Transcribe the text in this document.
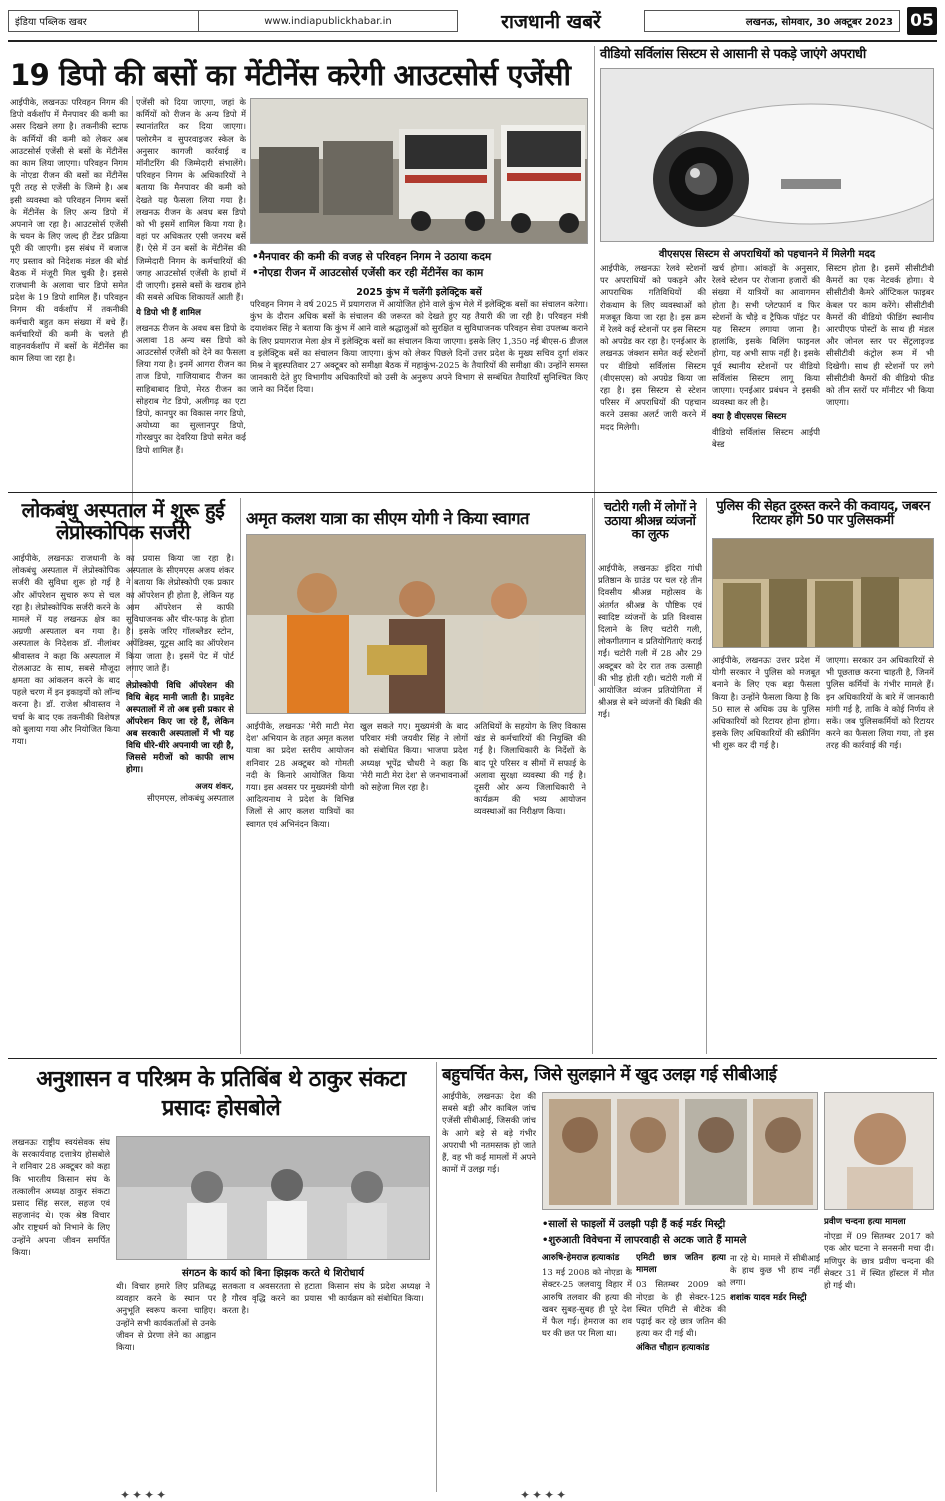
इंडिया पब्लिक खबर	www.indiapublickhabar.in	राजधानी खबरें	लखनऊ, सोमवार, 30 अक्टूबर 2023 05
19 डिपो की बसों का मेंटीनेंस करेगी आउटसोर्स एजेंसी

आईपीके, लखनऊः परिवहन निगम की डिपो वर्कशॉप में मैनपावर की कमी का असर दिखने लगा है। तकनीकी स्टाफ के कर्मियों की कमी को लेकर अब आउटसोर्स एजेंसी से बसों के मेंटीनेंस का काम लिया जाएगा। परिवहन निगम के नोएडा रीजन की बसों का मेंटीनेंस पूरी तरह से एजेंसी के जिम्मे है। अब इसी व्यवस्था को परिवहन निगम बसों के मेंटीनेंस के लिए अन्य डिपो में अपनाने जा रहा है। आउटसोर्स एजेंसी के चयन के लिए जल्द ही टेंडर प्रक्रिया पूरी की जाएगी। इस संबंध में बजाज गए प्रस्ताव को निदेशक मंडल की बोर्ड बैठक में मंजूरी मिल चुकी है। इससे राजधानी के अलावा चार डिपो समेत प्रदेश के 19 डिपो शामिल हैं। परिवहन निगम की वर्कशॉप में तकनीकी कर्मचारी बहुत कम संख्या में बचे हैं। कर्मचारियों की कमी के चलते ही वाहनवर्कशॉप में बसों के मेंटीनेंस का काम लिया जा रहा है।

एजेंसी को दिया जाएगा, जहां के कर्मियों को रीजन के अन्य डिपो में स्थानांतरित कर दिया जाएगा। फ्लोरमैन व सुपरवाइजर स्केल के अनुसार कागजी कार्रवाई व मॉनीटरिंग की जिम्मेदारी संभालेंगे। परिवहन निगम के अधिकारियों ने बताया कि मैनपावर की कमी को देखते यह फैसला लिया गया है। लखनऊ रीजन के अवध बस डिपो को भी इसमें शामिल किया गया है। वहां पर अधिकतर एसी जनरथ बसें हैं। ऐसे में उन बसों के मेंटीनेंस की जिम्मेदारी निगम के कर्मचारियों की जगह आउटसोर्स एजेंसी के हाथों में दी जाएगी। इससे बसों के खराब होने की सबसे अधिक शिकायतें आती हैं।

ये डिपो भी हैं शामिल

लखनऊ रीजन के अवध बस डिपो के अलावा 18 अन्य बस डिपो को आउटसोर्स एजेंसी को देने का फैसला लिया गया है। इनमें आगरा रीजन का ताज डिपो, गाजियाबाद रीजन का साहिबाबाद डिपो, मेरठ रीजन का सोहराब गेट डिपो, अलीगढ़ का एटा डिपो, कानपुर का विकास नगर डिपो, अयोध्या का सुल्तानपुर डिपो, गोरखपुर का देवरिया डिपो समेत कई डिपो शामिल हैं।

• मैनपावर की कमी की वजह से परिवहन निगम ने उठाया कदम
• नोएडा रीजन में आउटसोर्स एजेंसी कर रही मेंटीनेंस का काम
2025 कुंभ में चलेंगी इलेक्ट्रिक बसें

परिवहन निगम ने वर्ष 2025 में प्रयागराज में आयोजित होने वाले कुंभ मेले में इलेक्ट्रिक बसों का संचालन करेगा। कुंभ के दौरान अधिक बसों के संचालन की जरूरत को देखते हुए यह तैयारी की जा रही है। परिवहन मंत्री दयाशंकर सिंह ने बताया कि कुंभ में आने वाले श्रद्धालुओं को सुरक्षित व सुविधाजनक परिवहन सेवा उपलब्ध कराने के लिए प्रयागराज मेला क्षेत्र में इलेक्ट्रिक बसों का संचालन किया जाएगा। इसके लिए 1,350 नई बीएस-6 डीजल व इलेक्ट्रिक बसें का संचालन किया जाएगा। कुंभ को लेकर पिछले दिनों उत्तर प्रदेश के मुख्य सचिव दुर्गा शंकर मिश्र ने बृहस्पतिवार 27 अक्टूबर को समीक्षा बैठक में महाकुंभ-2025 के तैयारियों की समीक्षा की। उन्होंने समस्त जानकारी देते हुए विभागीय अधिकारियों को उसी के अनुरूप अपने विभाग से सम्बंधित तैयारियाँ सुनिश्चित किए जाने का निर्देश दिया।

वीडियो सर्विलांस सिस्टम से आसानी से पकड़े जाएंगे अपराधी
वीएसएस सिस्टम से अपराधियों को पहचानने में मिलेगी मदद

आईपीके, लखनऊः रेलवे स्टेशनों पर अपराधियों को पकड़ने और आपराधिक गतिविधियों की रोकथाम के लिए व्यवस्थाओं को मजबूत किया जा रहा है। इस क्रम में रेलवे कई स्टेशनों पर इस सिस्टम को अपग्रेड कर रहा है। एनईआर के लखनऊ जंक्शन समेत कई स्टेशनों पर वीडियो सर्विलांस सिस्टम (वीएसएस) को अपग्रेड किया जा रहा है। इस सिस्टम से स्टेशन परिसर में अपराधियों की पहचान करने उसका अलर्ट जारी करने में मदद मिलेगी।

खर्च होगा। आंकड़ों के अनुसार, रेलवे स्टेशन पर रोजाना हजारों की संख्या में यात्रियों का आवागमन होता है। सभी प्लेटफार्म व फिर स्टेशनों के चौड़े व ट्रैफिक पॉइंट पर यह सिस्टम लगाया जाना है। हालांकि, इसके बिलिंग फाइनल होगा, यह अभी साफ नहीं है। इसके पूर्व स्थानीय स्टेशनों पर वीडियो सर्विलांस सिस्टम लागू किया जाएगा। एनईआर प्रबंधन ने इसकी व्यवस्था कर ली है।

क्या है वीएसएस सिस्टम

वीडियो सर्विलांस सिस्टम आईपी बेस्ड

सिस्टम होता है। इसमें सीसीटीवी कैमरों का एक नेटवर्क होगा। ये सीसीटीवी कैमरे ऑप्टिकल फाइबर केबल पर काम करेंगे। सीसीटीवी कैमरों की वीडियो फीडिंग स्थानीय आरपीएफ पोस्टों के साथ ही मंडल और जोनल स्तर पर सेंट्रलाइज्ड सीसीटीवी कंट्रोल रूम में भी दिखेगी। साथ ही स्टेशनों पर लगे सीसीटीवी कैमरों की वीडियो फीड को तीन स्तरों पर मॉनीटर भी किया जाएगा।

लोकबंधु अस्पताल में शुरू हुई लेप्रोस्कोपिक सर्जरी

आईपीके, लखनऊः राजधानी के लोकबंधु अस्पताल में लेप्रोस्कोपिक सर्जरी की सुविधा शुरू हो गई है और ऑपरेशन सुचारु रूप से चल रहा है। लेप्रोस्कोपिक सर्जरी करने के मामले में यह लखनऊ क्षेत्र का अग्रणी अस्पताल बन गया है। अस्पताल के निदेशक डॉ. नीलांबर श्रीवास्तव ने कहा कि अस्पताल में रोलआउट के साथ, सबसे मौजूदा क्षमता का आंकलन करने के बाद पहले चरण में इन इकाइयों को लॉन्च करना है। डॉ. राजेश श्रीवास्तव ने चर्चा के बाद एक तकनीकी विशेषज्ञ को बुलाया गया और नियोजित किया गया।

का प्रयास किया जा रहा है। अस्पताल के सीएमएस अजय शंकर ने बताया कि लेप्रोस्कोपी एक प्रकार का ऑपरेशन ही होता है, लेकिन यह आम ऑपरेशन से काफी सुविधाजनक और चीर-फाड़ के होता है। इसके जरिए गॉलब्लैडर स्टोन, अपेंडिक्स, यूट्रस आदि का ऑपरेशन किया जाता है। इसमें पेट में पोर्ट लगाए जाते हैं।

लेप्रोस्कोपी विधि ऑपरेशन की विधि बेहद मानी जाती है। प्राइवेट अस्पतालों में तो अब इसी प्रकार से ऑपरेशन किए जा रहे हैं, लेकिन अब सरकारी अस्पतालों में भी यह विधि धीरे-धीरे अपनायी जा रही है, जिससे मरीजों को काफी लाभ होगा।

अजय शंकर,

सीएमएस, लोकबंधु अस्पताल

अमृत कलश यात्रा का सीएम योगी ने किया स्वागत

आईपीके, लखनऊः 'मेरी माटी मेरा देश' अभियान के तहत अमृत कलश यात्रा का प्रदेश स्तरीय आयोजन शनिवार 28 अक्टूबर को गोमती नदी के किनारे आयोजित किया गया। इस अवसर पर मुख्यमंत्री योगी आदित्यनाथ ने प्रदेश के विभिन्न जिलों से आए कलश यात्रियों का स्वागत एवं अभिनंदन किया।

खुल सकते गए। मुख्यमंत्री के बाद परिवार मंत्री जयवीर सिंह ने लोगों को संबोधित किया। भाजपा प्रदेश अध्यक्ष भूपेंद्र चौधरी ने कहा कि 'मेरी माटी मेरा देश' से जनभावनाओं को सहेजा मिल रहा है।

अतिथियों के सहयोग के लिए विकास खंड से कर्मचारियों की नियुक्ति की गई है। जिलाधिकारी के निर्देशों के बाद पूरे परिसर व सीमों में सफाई के अलावा सुरक्षा व्यवस्था की गई है। दूसरी ओर अन्य जिलाधिकारी ने कार्यक्रम की भव्य आयोजन व्यवस्थाओं का निरीक्षण किया।

चटोरी गली में लोगों ने उठाया श्रीअन्न व्यंजनों का लुत्फ

आईपीके, लखनऊः इंदिरा गांधी प्रतिष्ठान के ग्राउंड पर चल रहे तीन दिवसीय श्रीअन्न महोत्सव के अंतर्गत श्रीअन्न के पौष्टिक एवं स्वादिष्ट व्यंजनों के प्रति विश्वास दिलाने के लिए चटोरी गली, लोकगीतगान व प्रतियोगिताएं कराई गईं। चटोरी गली में 28 और 29 अक्टूबर को देर रात तक उत्साही की भीड़ होती रही। चटोरी गली में आयोजित व्यंजन प्रतियोगिता में श्रीअन्न से बने व्यंजनों की बिक्री की गई।

पुलिस की सेहत दुरुस्त करने की कवायद, जबरन रिटायर होंगे 50 पार पुलिसकर्मी

आईपीके, लखनऊः उत्तर प्रदेश में योगी सरकार ने पुलिस को मजबूत बनाने के लिए एक बड़ा फैसला किया है। उन्होंने फैसला किया है कि 50 साल से अधिक उम्र के पुलिस अधिकारियों को रिटायर होना होगा। इसके लिए अधिकारियों की स्क्रीनिंग भी शुरू कर दी गई है।

जाएगा। सरकार उन अधिकारियों से भी पूछताछ करना चाहती है, जिनमें पुलिस कर्मियों के गंभीर मामले हैं। इन अधिकारियों के बारे में जानकारी मांगी गई है, ताकि वे कोई निर्णय ले सकें। जब पुलिसकर्मियों को रिटायर करने का फैसला लिया गया, तो इस तरह की कार्रवाई की गई।

अनुशासन व परिश्रम के प्रतिबिंब थे ठाकुर संकटा प्रसादः होसबोले

लखनऊः राष्ट्रीय स्वयंसेवक संघ के सरकार्यवाह दत्तात्रेय होसबोले ने शनिवार 28 अक्टूबर को कहा कि भारतीय किसान संघ के तत्कालीन अध्यक्ष ठाकुर संकटा प्रसाद सिंह सरल, सहज एवं सहजानंद थे। एक श्रेष्ठ विचार और राष्ट्रधर्म को निभाने के लिए उन्होंने अपना जीवन समर्पित किया।

संगठन के कार्य को बिना झिझक करते थे शिरोधार्य

थी। विचार हमारे लिए प्रतिबद्ध व्यवहार करने के स्थान पर अनुभूति स्वरूप करना चाहिए। उन्होंने सभी कार्यकर्ताओं से उनके जीवन से प्रेरणा लेने का आह्वान किया।

सतकता व अवसरतता से हटाता है गौरव वृद्धि करने का प्रयास करता है।

किसान संघ के प्रदेश अध्यक्ष ने भी कार्यक्रम को संबोधित किया।

बहुचर्चित केस, जिसे सुलझाने में खुद उलझ गई सीबीआई

आईपीके, लखनऊः देश की सबसे बड़ी और काबिल जांच एजेंसी सीबीआई, जिसकी जांच के आगे बड़े से बड़े गंभीर अपराधी भी नतमस्तक हो जाते हैं, वह भी कई मामलों में अपने कामों में उलझ गई।

• सालों से फाइलों में उलझी पड़ी हैं कई मर्डर मिस्ट्री
• शुरुआती विवेचना में लापरवाही से अटक जाते हैं मामले

आरुषि-हेमराज हत्याकांड

13 मई 2008 को नोएडा के सेक्टर-25 जलवायु विहार में आरुषि तलवार की हत्या की खबर सुबह-सुबह ही पूरे देश में फैल गई। हेमराज का शव घर की छत पर मिला था।

एमिटी छात्र जतिन हत्या मामला

03 सितम्बर 2009 को नोएडा के ही सेक्टर-125 स्थित एमिटी से बीटेक की पढ़ाई कर रहे छात्र जतिन की हत्या कर दी गई थी।

अंकित चौहान हत्याकांड

ना रहे थे। मामले में सीबीआई के हाथ कुछ भी हाथ नहीं लगा।

शशांक यादव मर्डर मिस्ट्री

प्रवीण चन्दना हत्या मामला

नोएडा में 09 सितम्बर 2017 को एक ओर घटना ने सनसनी मचा दी। मणिपुर के छात्र प्रवीण चन्दना की सेक्टर 31 में स्थित हॉस्टल में मौत हो गई थी।

✦✦✦✦	✦✦✦✦
